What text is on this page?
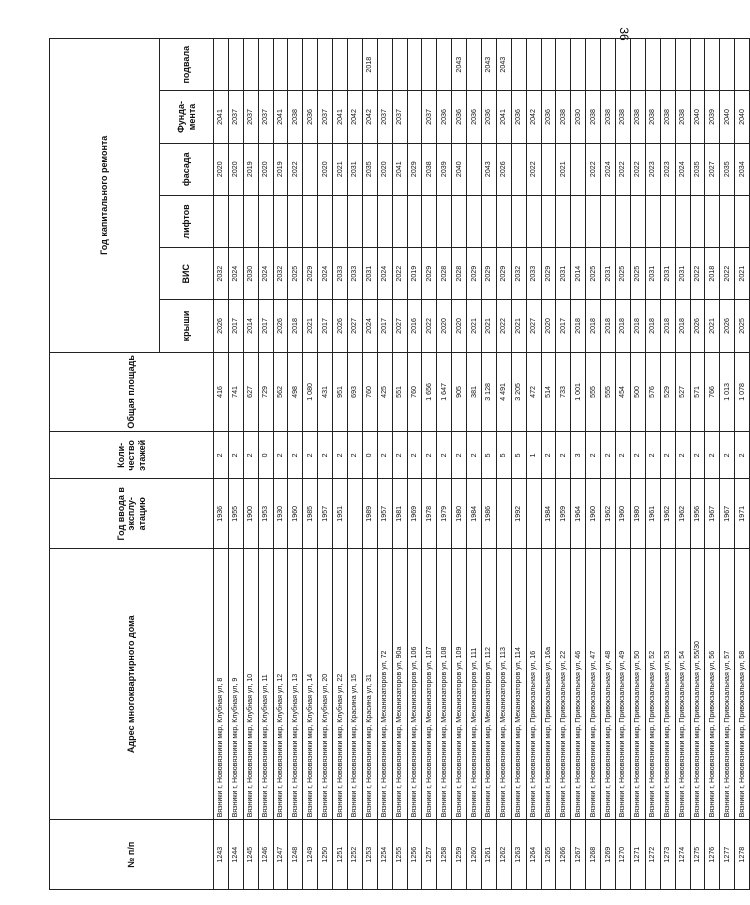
36
№ п/п	Адрес многоквартирного дома	Год ввода в эксплу-атацию	Коли-чество этажей	Общая площадь	Год капитального ремонта					
					крыши	ВИС	лифтов	фасада	Фунда-мента	подвала
1243	Вязники г, Нововязники мкр, Клубная ул, 8	1936	2	416	2026	2032		2020	2041	
1244	Вязники г, Нововязники мкр, Клубная ул, 9	1955	2	741	2017	2024		2020	2037	
1245	Вязники г, Нововязники мкр, Клубная ул, 10	1900	2	627	2014	2030		2019	2037	
1246	Вязники г, Нововязники мкр, Клубная ул, 11	1953	0	729	2017	2024		2020	2037	
1247	Вязники г, Нововязники мкр, Клубная ул, 12	1930	2	562	2026	2032		2019	2041	
1248	Вязники г, Нововязники мкр, Клубная ул, 13	1960	2	498	2018	2025		2022	2038	
1249	Вязники г, Нововязники мкр, Клубная ул, 14	1985	2	1 080	2021	2029			2036	
1250	Вязники г, Нововязники мкр, Клубная ул, 20	1957	2	431	2017	2024		2020	2037	
1251	Вязники г, Нововязники мкр, Клубная ул, 22	1951	2	951	2026	2033		2021	2041	
1252	Вязники г, Нововязники мкр, Красина ул, 15		2	693	2027	2033		2031	2042	
1253	Вязники г, Нововязники мкр, Красина ул, 31	1989	0	760	2024	2031		2035	2042	2018
1254	Вязники г, Нововязники мкр, Механизаторов ул, 72	1957	2	425	2017	2024		2020	2037	
1255	Вязники г, Нововязники мкр, Механизаторов ул, 90а	1981	2	551	2027	2022		2041	2037	
1256	Вязники г, Нововязники мкр, Механизаторов ул, 106	1969	2	760	2016	2019		2029		
1257	Вязники г, Нововязники мкр, Механизаторов ул, 107	1978	2	1 656	2022	2029		2038	2037	
1258	Вязники г, Нововязники мкр, Механизаторов ул, 108	1979	2	1 647	2020	2028		2039	2036	
1259	Вязники г, Нововязники мкр, Механизаторов ул, 109	1980	2	905	2020	2028		2040	2036	2043
1260	Вязники г, Нововязники мкр, Механизаторов ул, 111	1984	2	381	2021	2029			2036	
1261	Вязники г, Нововязники мкр, Механизаторов ул, 112	1986	5	3 128	2021	2029		2043	2036	2043
1262	Вязники г, Нововязники мкр, Механизаторов ул, 113		5	4 491	2022	2029		2026	2041	2043
1263	Вязники г, Нововязники мкр, Механизаторов ул, 114	1992	5	3 205	2021	2032			2036	
1264	Вязники г, Нововязники мкр, Привокзальная ул, 16		1	472	2027	2033		2022	2042	
1265	Вязники г, Нововязники мкр, Привокзальная ул, 16а	1984	2	514	2020	2029			2036	
1266	Вязники г, Нововязники мкр, Привокзальная ул, 22	1959	2	733	2017	2031		2021	2038	
1267	Вязники г, Нововязники мкр, Привокзальная ул, 46	1964	3	1 001	2018	2014			2030	
1268	Вязники г, Нововязники мкр, Привокзальная ул, 47	1960	2	555	2018	2025		2022	2038	
1269	Вязники г, Нововязники мкр, Привокзальная ул, 48	1962	2	555	2018	2031		2024	2038	
1270	Вязники г, Нововязники мкр, Привокзальная ул, 49	1960	2	454	2018	2025		2022	2038	
1271	Вязники г, Нововязники мкр, Привокзальная ул, 50	1980	2	500	2018	2025		2022	2038	
1272	Вязники г, Нововязники мкр, Привокзальная ул, 52	1961	2	576	2018	2031		2023	2038	
1273	Вязники г, Нововязники мкр, Привокзальная ул, 53	1962	2	529	2018	2031		2023	2038	
1274	Вязники г, Нововязники мкр, Привокзальная ул, 54	1962	2	527	2018	2031		2024	2038	
1275	Вязники г, Нововязники мкр, Привокзальная ул, 55/30	1956	2	571	2026	2022		2035	2040	
1276	Вязники г, Нововязники мкр, Привокзальная ул, 56	1967	2	766	2021	2018		2027	2039	
1277	Вязники г, Нововязники мкр, Привокзальная ул, 57	1967	2	1 013	2026	2022		2035	2040	
1278	Вязники г, Нововязники мкр, Привокзальная ул, 58	1971	2	1 078	2025	2021		2034	2040	
